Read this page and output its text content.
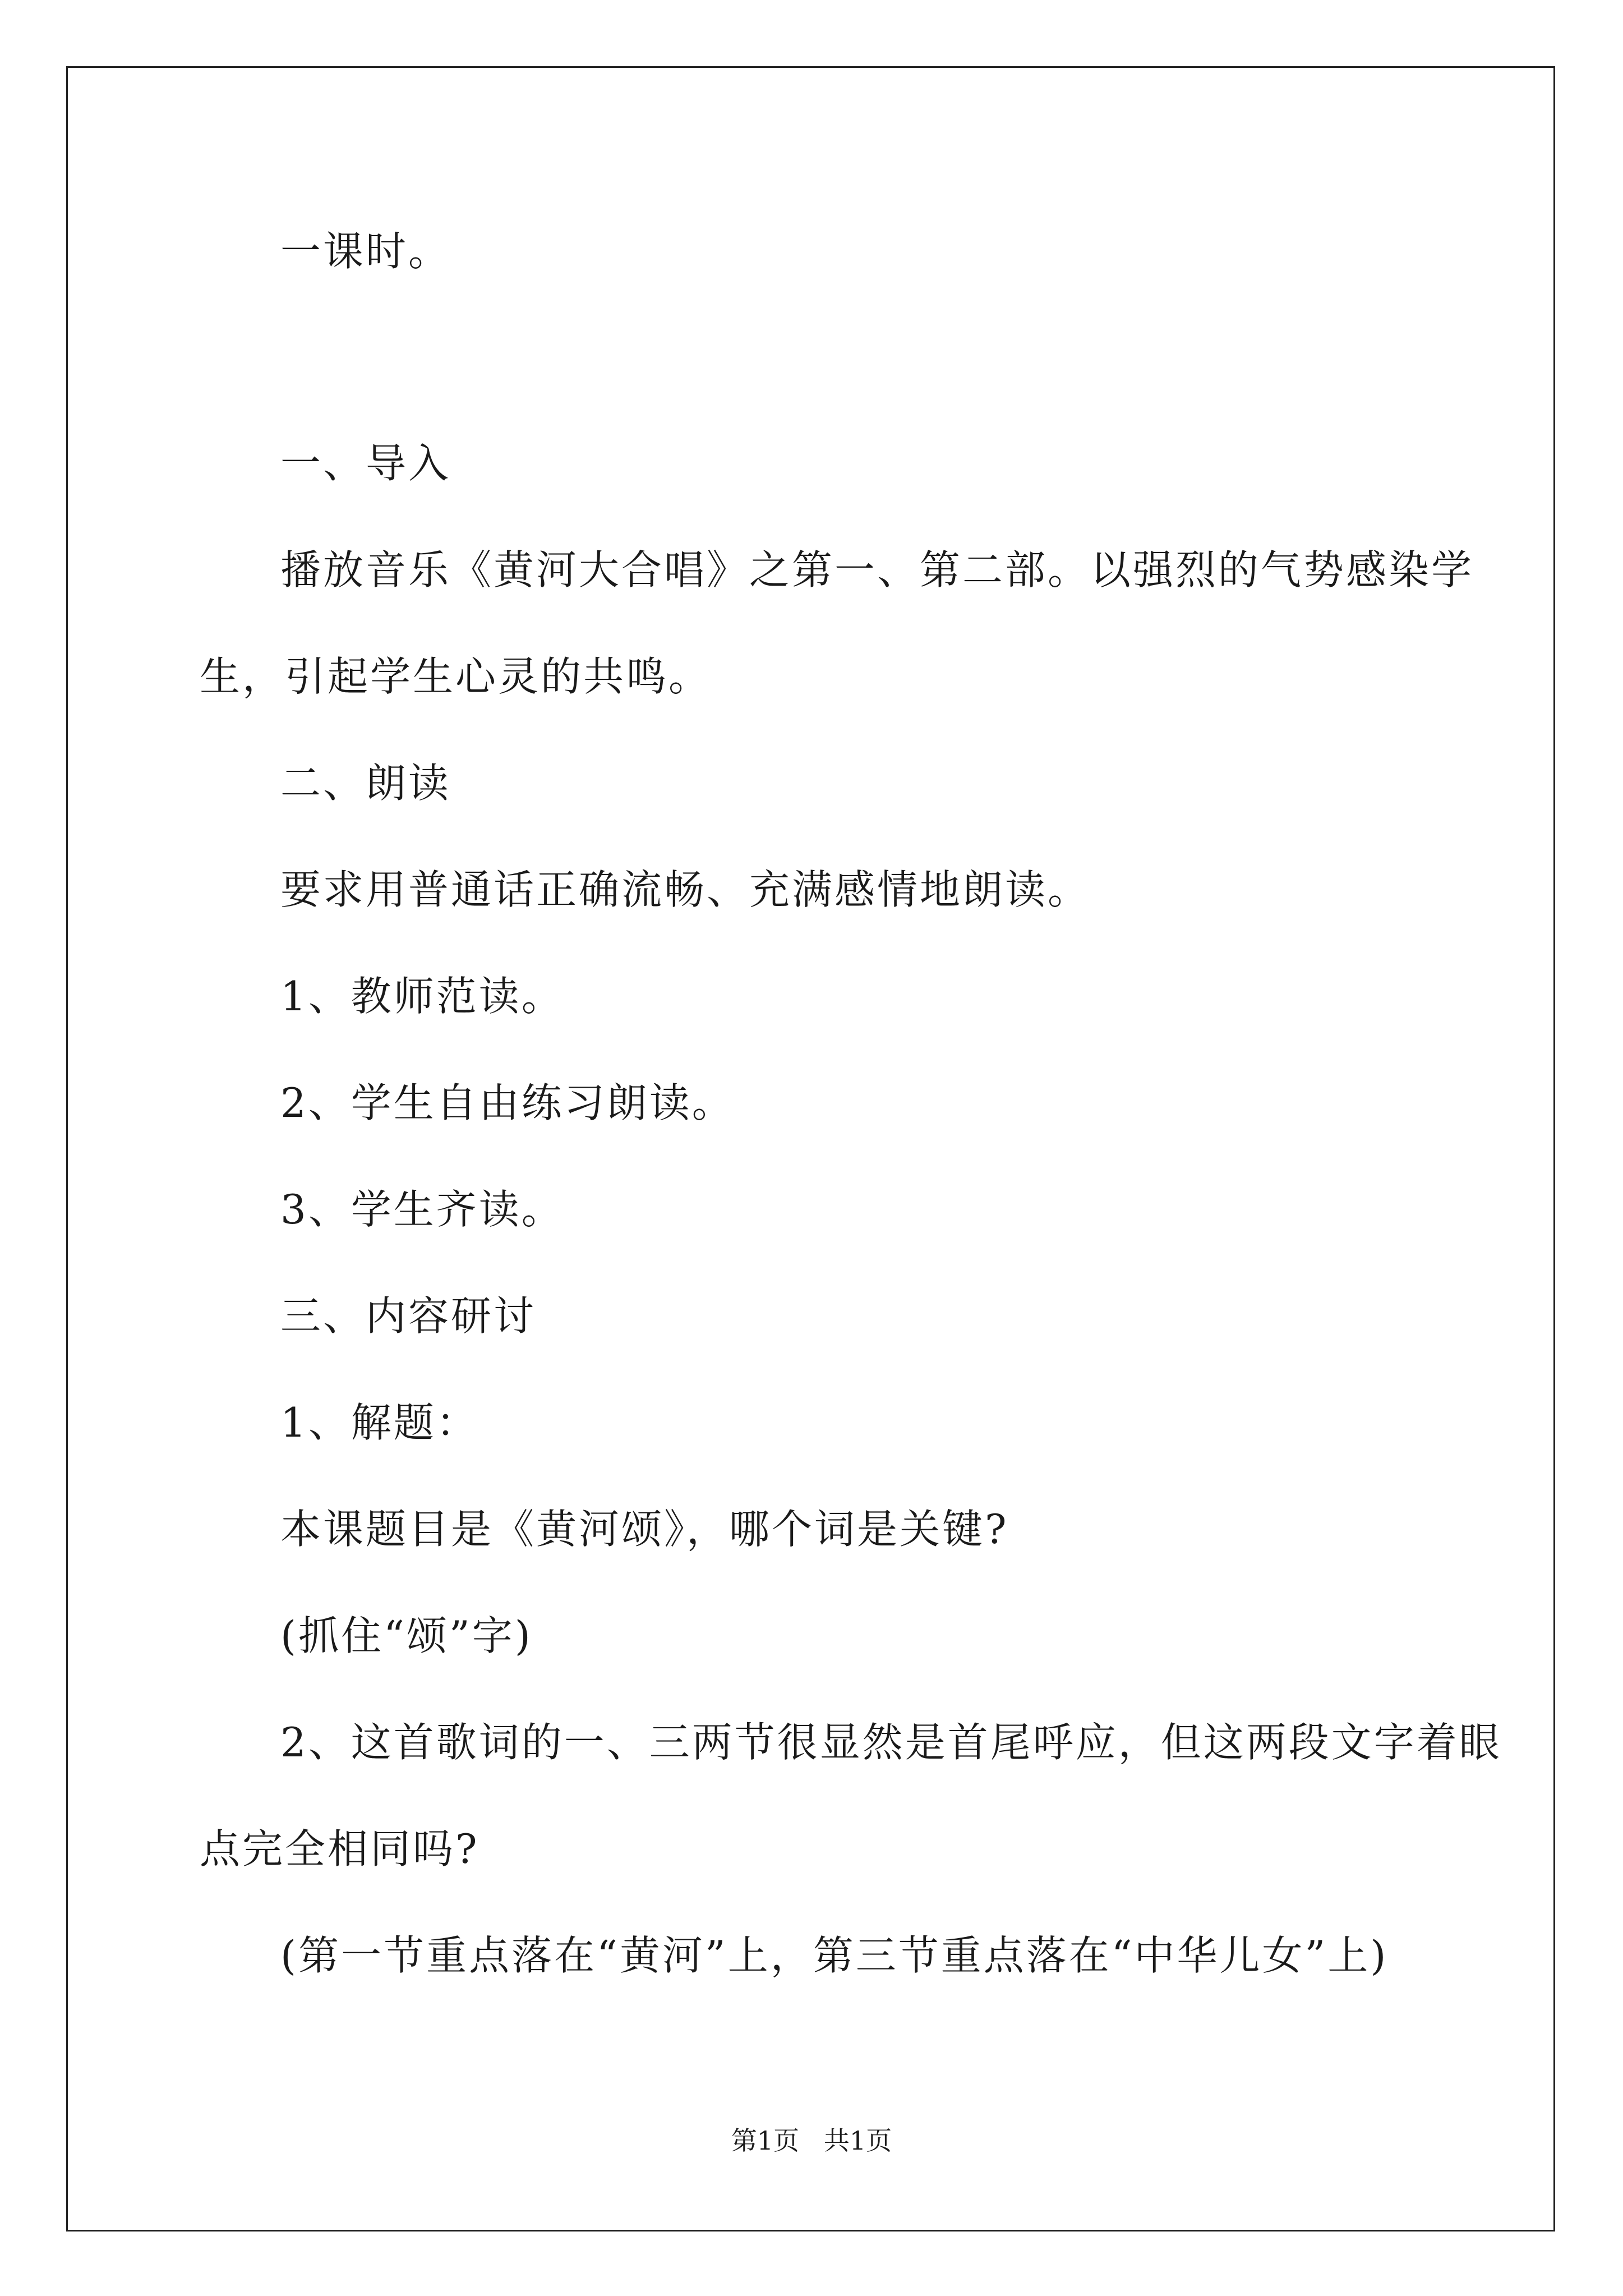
一课时。
一、导入
播放音乐《黄河大合唱》之第一、第二部。以强烈的气势感染学
生，引起学生心灵的共鸣。
二、朗读
要求用普通话正确流畅、充满感情地朗读。
1、教师范读。
2、学生自由练习朗读。
3、学生齐读。
三、内容研讨
1、解题：
本课题目是《黄河颂》，哪个词是关键?
(抓住“颂”字)
2、这首歌词的一、三两节很显然是首尾呼应，但这两段文字着眼
点完全相同吗?
(第一节重点落在“黄河”上，第三节重点落在“中华儿女”上)
第1页   共1页
